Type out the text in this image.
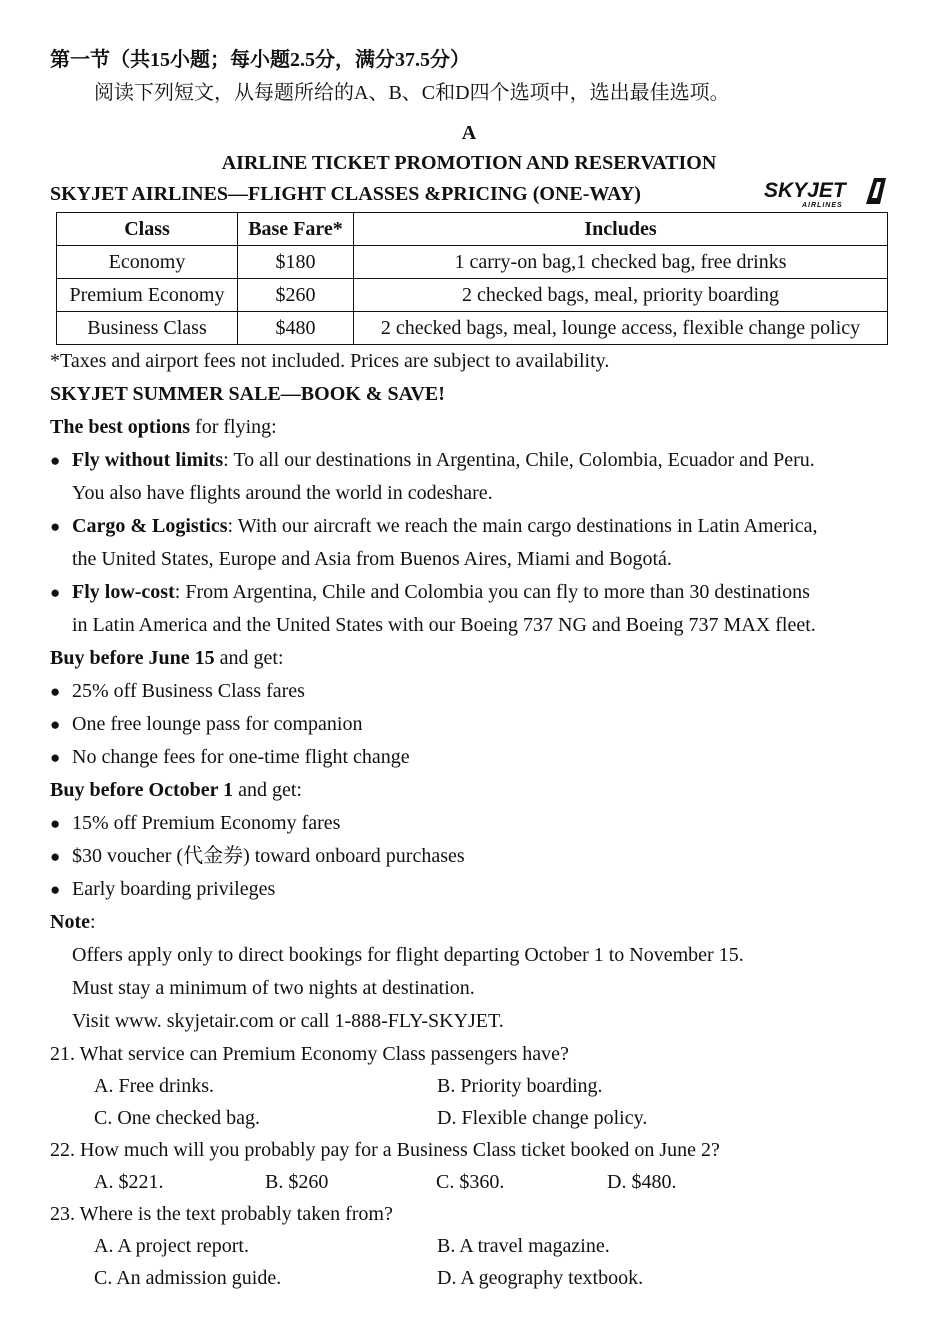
第一节（共15小题；每小题2.5分，满分37.5分）
阅读下列短文，从每题所给的A、B、C和D四个选项中，选出最佳选项。
A
AIRLINE TICKET PROMOTION AND RESERVATION
SKYJET AIRLINES—FLIGHT CLASSES &PRICING (ONE-WAY)	SKYJET
AIRLINES
Class	Base Fare*	Includes
Economy	$180	1 carry-on bag,1 checked bag, free drinks
Premium Economy	$260	2 checked bags, meal, priority boarding
Business Class	$480	2 checked bags, meal, lounge access, flexible change policy
*Taxes and airport fees not included. Prices are subject to availability.
SKYJET SUMMER SALE—BOOK & SAVE!
The best options for flying:
● Fly without limits: To all our destinations in Argentina, Chile, Colombia, Ecuador and Peru.
You also have flights around the world in codeshare.
● Cargo & Logistics: With our aircraft we reach the main cargo destinations in Latin America,
the United States, Europe and Asia from Buenos Aires, Miami and Bogotá.
● Fly low-cost: From Argentina, Chile and Colombia you can fly to more than 30 destinations
in Latin America and the United States with our Boeing 737 NG and Boeing 737 MAX fleet.
Buy before June 15 and get:
● 25% off Business Class fares
● One free lounge pass for companion
● No change fees for one-time flight change
Buy before October 1 and get:
● 15% off Premium Economy fares
● $30 voucher (代金券) toward onboard purchases
● Early boarding privileges
Note:
Offers apply only to direct bookings for flight departing October 1 to November 15.
Must stay a minimum of two nights at destination.
Visit www. skyjetair.com or call 1-888-FLY-SKYJET.
21. What service can Premium Economy Class passengers have?
A. Free drinks.	B. Priority boarding.
C. One checked bag.	D. Flexible change policy.
22. How much will you probably pay for a Business Class ticket booked on June 2?
A. $221.	B. $260	C. $360.	D. $480.
23. Where is the text probably taken from?
A. A project report.	B. A travel magazine.
C. An admission guide.	D. A geography textbook.
